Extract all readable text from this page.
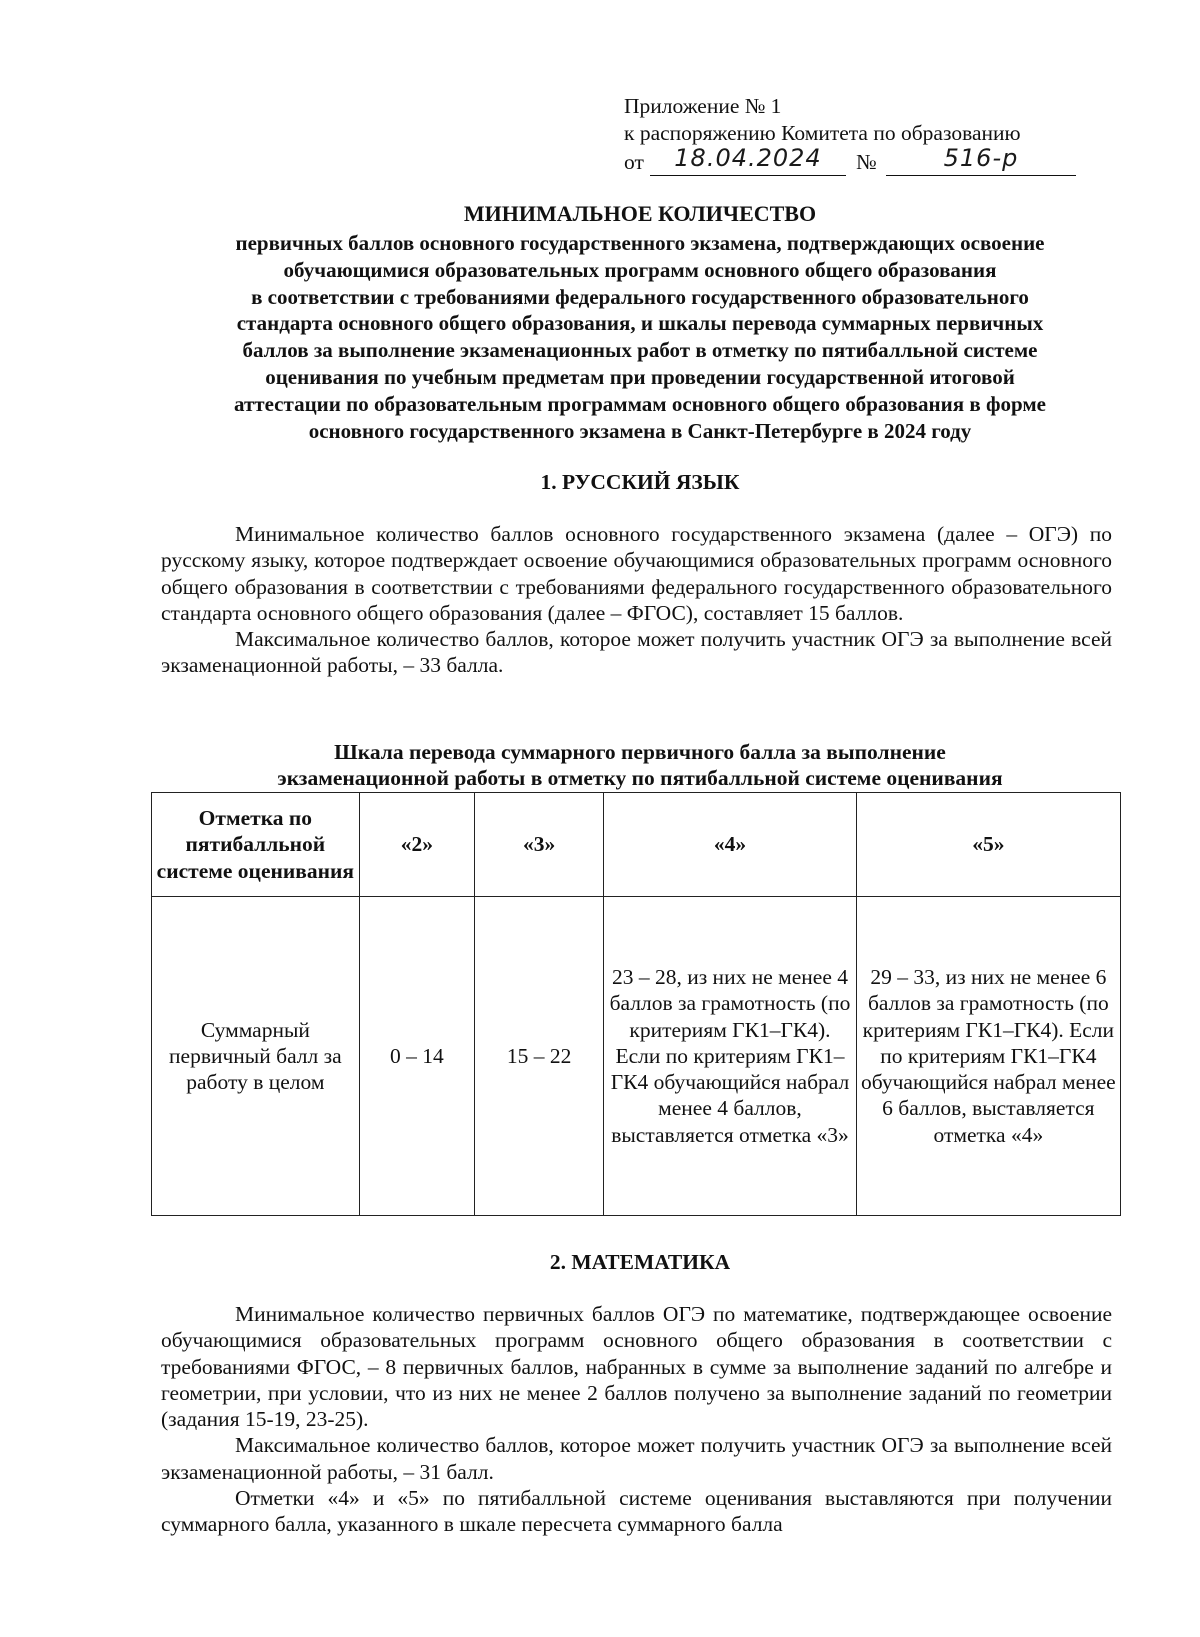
Приложение № 1
к распоряжению Комитета по образованию
от	18.04.2024	№	516-р
МИНИМАЛЬНОЕ КОЛИЧЕСТВО
первичных баллов основного государственного экзамена, подтверждающих освоение
обучающимися образовательных программ основного общего образования
в соответствии с требованиями федерального государственного образовательного
стандарта основного общего образования, и шкалы перевода суммарных первичных
баллов за выполнение экзаменационных работ в отметку по пятибалльной системе
оценивания по учебным предметам при проведении государственной итоговой
аттестации по образовательным программам основного общего образования в форме
основного государственного экзамена в Санкт-Петербурге в 2024 году
1. РУССКИЙ ЯЗЫК

Минимальное количество баллов основного государственного экзамена (далее – ОГЭ) по русскому языку, которое подтверждает освоение обучающимися образовательных программ основного общего образования в соответствии с требованиями федерального государственного образовательного стандарта основного общего образования (далее – ФГОС), составляет 15 баллов.

Максимальное количество баллов, которое может получить участник ОГЭ за выполнение всей экзаменационной работы, – 33 балла.

Шкала перевода суммарного первичного балла за выполнение
экзаменационной работы в отметку по пятибалльной системе оценивания
Отметка по пятибалльной системе оценивания	«2»	«3»	«4»	«5»
Суммарный первичный балл за работу в целом	0 – 14	15 – 22	23 – 28, из них не менее 4 баллов за грамотность (по критериям ГК1–ГК4). Если по критериям ГК1–ГК4 обучающийся набрал менее 4 баллов, выставляется отметка «3»	29 – 33, из них не менее 6 баллов за грамотность (по критериям ГК1–ГК4). Если по критериям ГК1–ГК4 обучающийся набрал менее 6 баллов, выставляется отметка «4»
2. МАТЕМАТИКА

Минимальное количество первичных баллов ОГЭ по математике, подтверждающее освоение обучающимися образовательных программ основного общего образования в соответствии с требованиями ФГОС, – 8 первичных баллов, набранных в сумме за выполнение заданий по алгебре и геометрии, при условии, что из них не менее 2 баллов получено за выполнение заданий по геометрии (задания 15-19, 23-25).

Максимальное количество баллов, которое может получить участник ОГЭ за выполнение всей экзаменационной работы, – 31 балл.

Отметки «4» и «5» по пятибалльной системе оценивания выставляются при получении суммарного балла, указанного в шкале пересчета суммарного балла
